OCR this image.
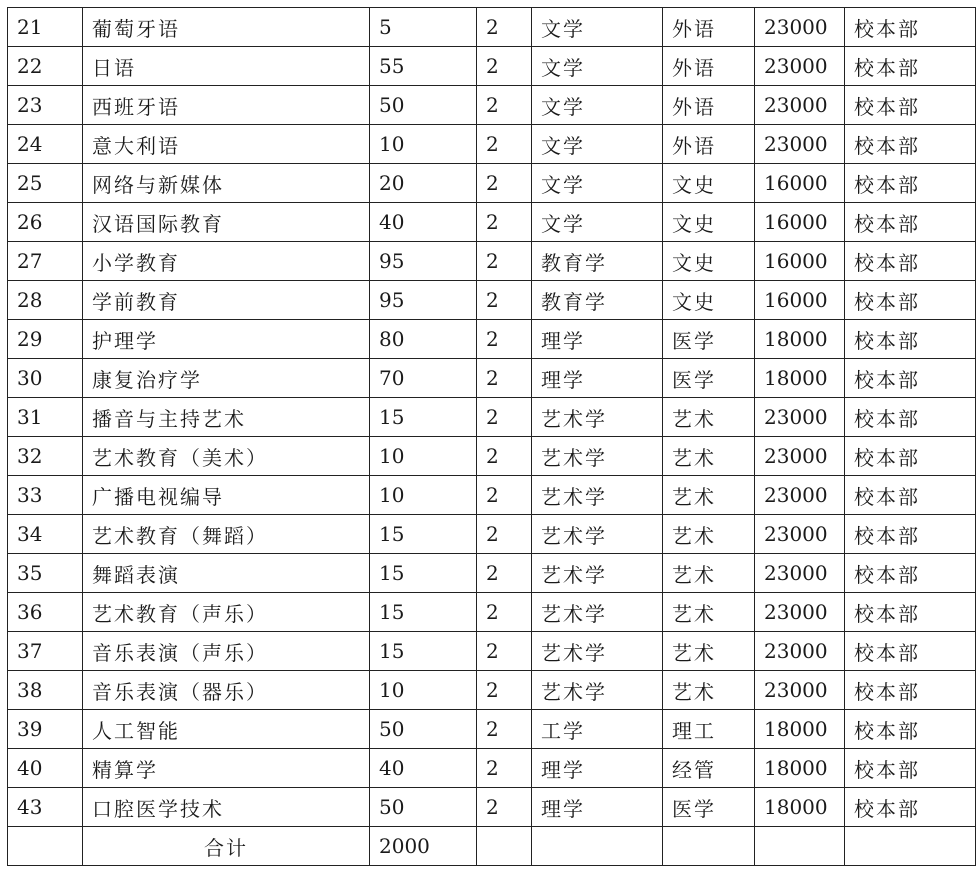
21	葡萄牙语	5	2	文学	外语	23000	校本部
22	日语	55	2	文学	外语	23000	校本部
23	西班牙语	50	2	文学	外语	23000	校本部
24	意大利语	10	2	文学	外语	23000	校本部
25	网络与新媒体	20	2	文学	文史	16000	校本部
26	汉语国际教育	40	2	文学	文史	16000	校本部
27	小学教育	95	2	教育学	文史	16000	校本部
28	学前教育	95	2	教育学	文史	16000	校本部
29	护理学	80	2	理学	医学	18000	校本部
30	康复治疗学	70	2	理学	医学	18000	校本部
31	播音与主持艺术	15	2	艺术学	艺术	23000	校本部
32	艺术教育（美术）	10	2	艺术学	艺术	23000	校本部
33	广播电视编导	10	2	艺术学	艺术	23000	校本部
34	艺术教育（舞蹈）	15	2	艺术学	艺术	23000	校本部
35	舞蹈表演	15	2	艺术学	艺术	23000	校本部
36	艺术教育（声乐）	15	2	艺术学	艺术	23000	校本部
37	音乐表演（声乐）	15	2	艺术学	艺术	23000	校本部
38	音乐表演（器乐）	10	2	艺术学	艺术	23000	校本部
39	人工智能	50	2	工学	理工	18000	校本部
40	精算学	40	2	理学	经管	18000	校本部
43	口腔医学技术	50	2	理学	医学	18000	校本部
	合计	2000					
